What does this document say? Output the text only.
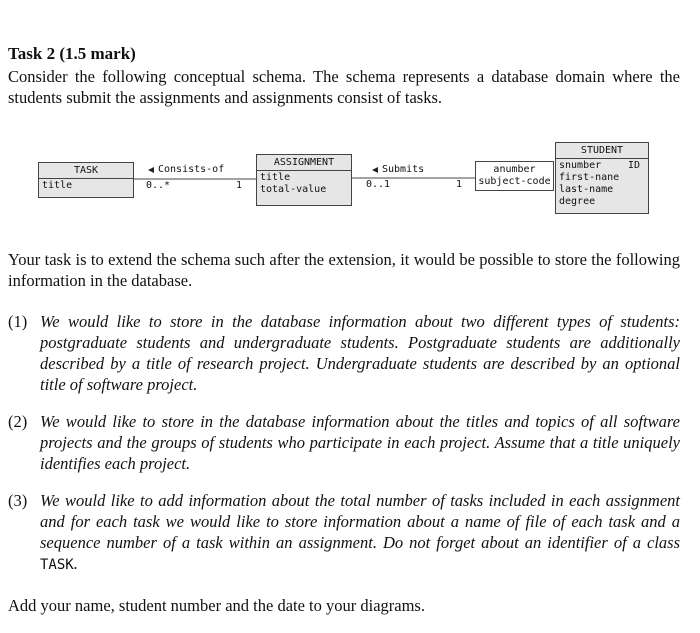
Task 2 (1.5 mark)
Consider the following conceptual schema. The schema represents a database domain where the students submit the assignments and assignments consist of tasks.
TASK
title
ASSIGNMENT
title
total-value
STUDENT
ID
snumber
first-nane
last-name
degree
anumber
subject-code
Consists-of
0..*	1
Submits
0..1	1
Your task is to extend the schema such after the extension, it would be possible to store the following information in the database.
(1) We would like to store in the database information about two different types of students: postgraduate students and undergraduate students. Postgraduate students are additionally described by a title of research project. Undergraduate students are described by an optional title of software project.
(2) We would like to store in the database information about the titles and topics of all software projects and the groups of students who participate in each project. Assume that a title uniquely identifies each project.
(3) We would like to add information about the total number of tasks included in each assignment and for each task we would like to store information about a name of file of each task and a sequence number of a task within an assignment. Do not forget about an identifier of a class TASK.
Add your name, student number and the date to your diagrams.
